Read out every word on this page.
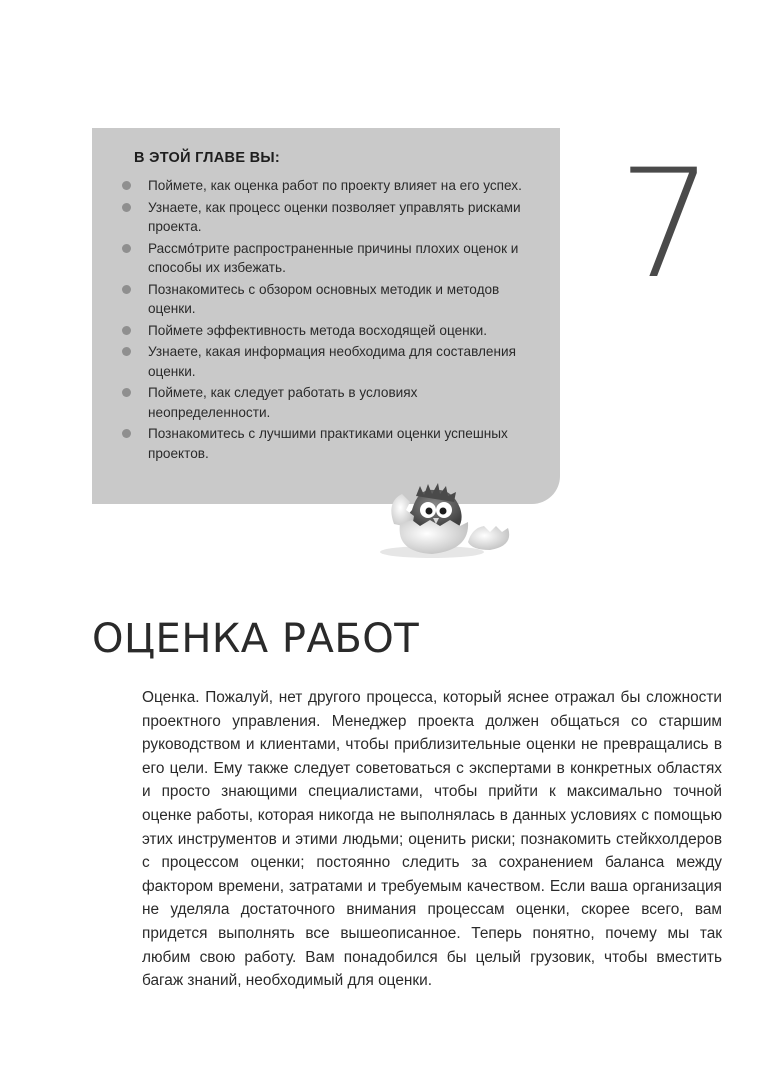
В ЭТОЙ ГЛАВЕ ВЫ:
Поймете, как оценка работ по проекту влияет на его успех.
Узнаете, как процесс оценки позволяет управлять рисками проекта.
Рассмо́трите распространенные причины плохих оценок и способы их избежать.
Познакомитесь с обзором основных методик и методов оценки.
Поймете эффективность метода восходящей оценки.
Узнаете, какая информация необходима для составления оценки.
Поймете, как следует работать в условиях неопределенности.
Познакомитесь с лучшими практиками оценки успешных проектов.
7
ОЦЕНКА РАБОТ

Оценка. Пожалуй, нет другого процесса, который яснее отражал бы сложности проектного управления. Менеджер проекта должен общаться со старшим руководством и клиентами, чтобы приблизительные оценки не превращались в его цели. Ему также следует советоваться с экспертами в конкретных областях и просто знающими специалистами, чтобы прийти к максимально точной оценке работы, которая никогда не выполнялась в данных условиях с помощью этих инструментов и этими людьми; оценить риски; познакомить стейкхолдеров с процессом оценки; постоянно следить за сохранением баланса между фактором времени, затратами и требуемым качеством. Если ваша организация не уделяла достаточного внимания процессам оценки, скорее всего, вам придется выполнять все вышеописанное. Теперь понятно, почему мы так любим свою работу. Вам понадобился бы целый грузовик, чтобы вместить багаж знаний, необходимый для оценки.
